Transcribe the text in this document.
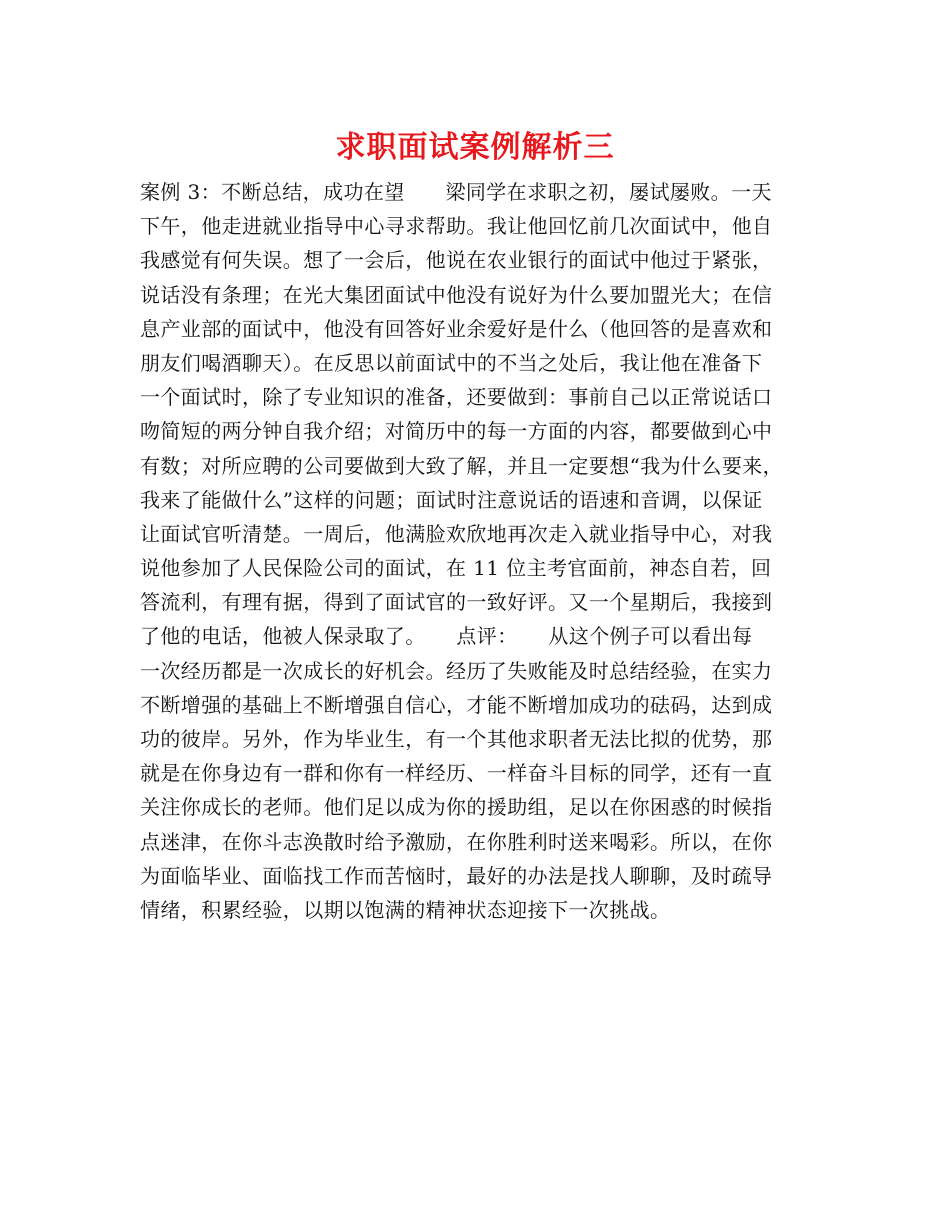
求职面试案例解析三
案例 3：不断总结，成功在望　　梁同学在求职之初，屡试屡败。一天
下午，他走进就业指导中心寻求帮助。我让他回忆前几次面试中，他自
我感觉有何失误。想了一会后，他说在农业银行的面试中他过于紧张，
说话没有条理；在光大集团面试中他没有说好为什么要加盟光大；在信
息产业部的面试中，他没有回答好业余爱好是什么（他回答的是喜欢和
朋友们喝酒聊天）。在反思以前面试中的不当之处后，我让他在准备下
一个面试时，除了专业知识的准备，还要做到：事前自己以正常说话口
吻简短的两分钟自我介绍；对简历中的每一方面的内容，都要做到心中
有数；对所应聘的公司要做到大致了解，并且一定要想“我为什么要来，
我来了能做什么”这样的问题；面试时注意说话的语速和音调，以保证
让面试官听清楚。一周后，他满脸欢欣地再次走入就业指导中心，对我
说他参加了人民保险公司的面试，在 11 位主考官面前，神态自若，回
答流利，有理有据，得到了面试官的一致好评。又一个星期后，我接到
了他的电话，他被人保录取了。　　点评：　　从这个例子可以看出每
一次经历都是一次成长的好机会。经历了失败能及时总结经验，在实力
不断增强的基础上不断增强自信心，才能不断增加成功的砝码，达到成
功的彼岸。另外，作为毕业生，有一个其他求职者无法比拟的优势，那
就是在你身边有一群和你有一样经历、一样奋斗目标的同学，还有一直
关注你成长的老师。他们足以成为你的援助组，足以在你困惑的时候指
点迷津，在你斗志涣散时给予激励，在你胜利时送来喝彩。所以，在你
为面临毕业、面临找工作而苦恼时，最好的办法是找人聊聊，及时疏导
情绪，积累经验，以期以饱满的精神状态迎接下一次挑战。
